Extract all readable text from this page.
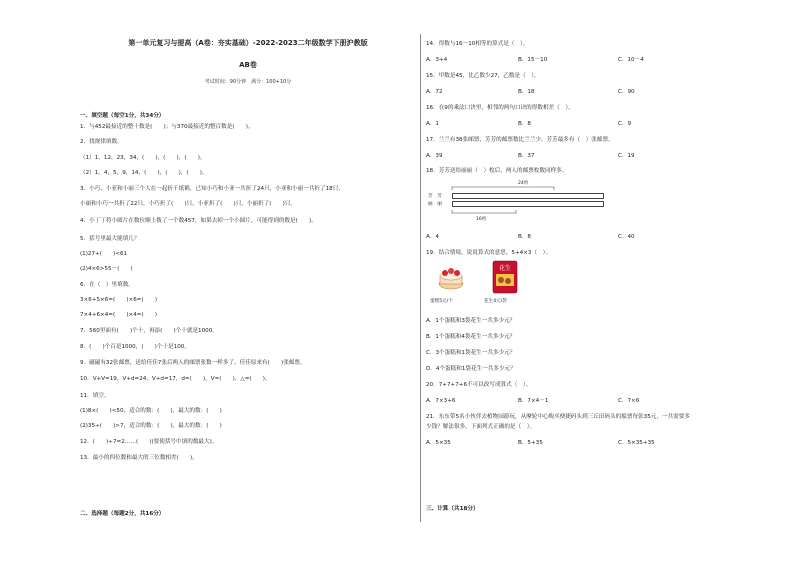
第一单元复习与提高（A卷：夯实基础）-2022-2023二年级数学下册沪教版
AB卷
考试时间：90分钟　满分：100+10分
一、填空题（每空1分，共34分）
1．与452最接近的整十数是(　　)；与370最接近的整百数是(　　)。
2．找规律填数。
（1）1，12，23，34，(　　)，(　　)，(　　)。
（2）1，4，5，9，14，(　　)，(　　)，(　　)。
3．小巧、小亚和小丽三个人在一起折千纸鹤，已知小巧和小亚一共折了24只，小亚和小丽一共折了18只，
小丽和小巧一共折了22只。小巧折了(　　)只，小亚折了(　　)只，小丽折了(　　)只。
4．小丁丁将小圆片在数位顺上拨了一个数457，如果去掉一个小圆片，可能得到的数是(　　)。
5．括号里最大能填几？
(1)27+(　　)<61
(2)4×6>55－(　　)
6．在（　）里填数。
3×6+5×6=(　　)×6=(　　)
7×4+6×4=(　　)×4=(　　)
7．560里面有(　　)个十，再添(　　)个十就是1000。
8．(　　)个百是1000，(　　)个十是100。
9．磁磁有32张邮票，送给佳佳7张后两人的邮票张数一样多了。佳佳原来有(　　)张邮票。
10．V+V=19，V+d=24，V+d=17，d=(　　)，V=(　　)，△=(　　)。
11．填空。
(1)8×(　　)<50，适合的数：(　　)，最大的数：(　　)
(2)35÷(　　)>7，适合的数：(　　)，最大的数：(　　)
12．(　　)÷7=2……(　　)(要使括号中填的数最大)。
13．最小的四位数和最大的三位数相差(　　)。
二、选择题（每题2分，共16分）
14．得数与16－10相等的算式是（　）。
A．3+4	B．15－10	C．10－4
15．甲数是45，比乙数少27，乙数是（　）。
A．72	B．18	C．90
16．在9的乘法口诀里，相邻的两句口诀的得数相差（　）。
A．1	B．8	C．9
17．兰兰有38张邮票，芳芳的邮票数比兰兰少，芳芳最多有（　）张邮票。
A．39	B．37	C．19
18．芳芳送给丽丽（　）枚后，两人的邮票枚数同样多。
24枚
芳　芳
丽　丽
16枚
A．4	B．8	C．40
19．结合情境，说说算式的意思。5+4×3（　）。
蛋糕5元/个
花生
花生4元/袋
A．1个蛋糕和3袋花生一共多少元？
B．1个蛋糕和4袋花生一共多少元？
C．3个蛋糕和1袋花生一共多少元？
D．4个蛋糕和1袋花生一共多少元？
20．7+7+7+6不可以改写成算式（　）。
A．7×3+6	B．7×4－1	C．7×6
21．东东带5名小伙伴去植物园游玩，从摩轮中心购买便捷码头到三丘田码头的船票每张35元，一共需要多
少钱？解法很多，下面列式正确的是（　）。
A．5×35	B．5+35	C．5×35+35
三、计算（共18分）
